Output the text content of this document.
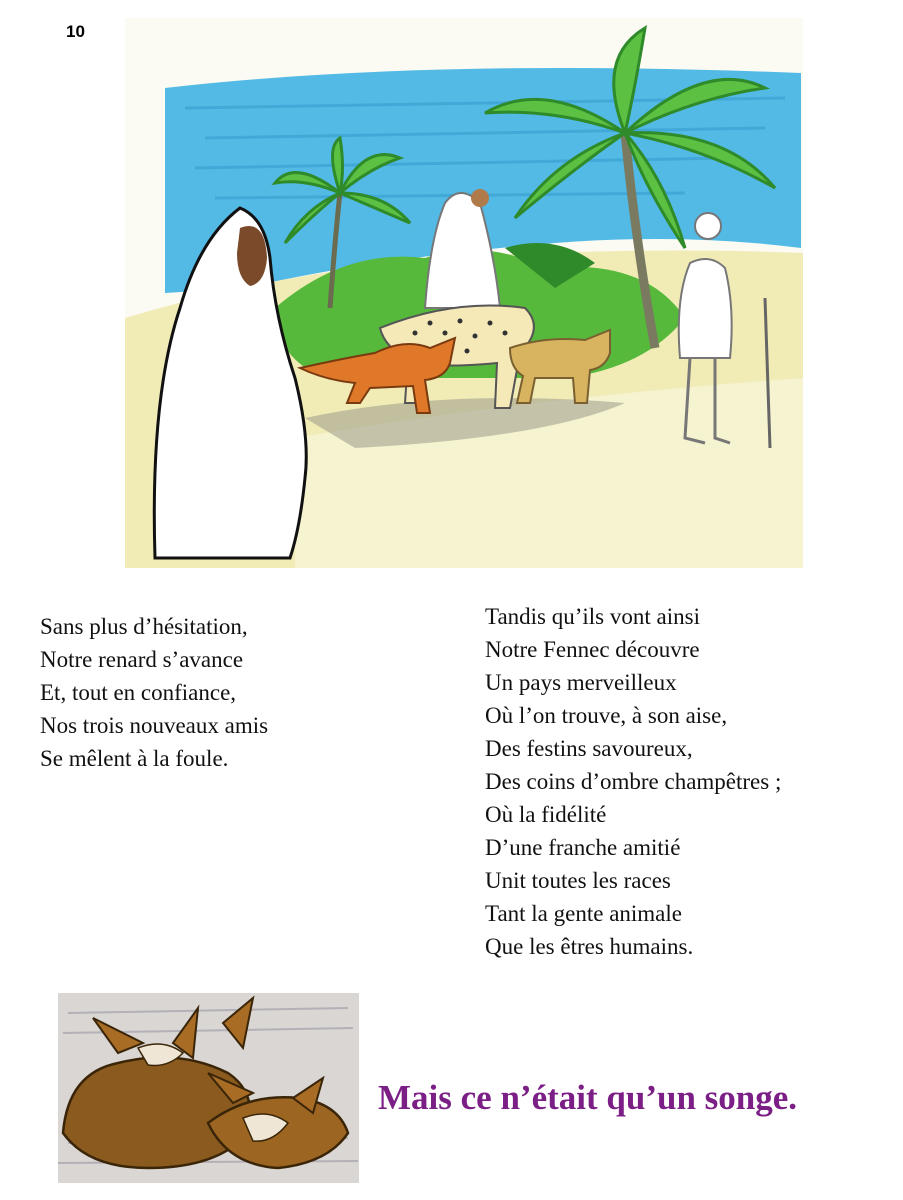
10
Sans plus d’hésitation,
Notre renard s’avance
Et, tout en confiance,
Nos trois nouveaux amis
Se mêlent à la foule.
Tandis qu’ils vont ainsi
Notre Fennec découvre
Un pays merveilleux
Où l’on trouve, à son aise,
Des festins savoureux,
Des coins d’ombre champêtres ;
Où la fidélité
D’une franche amitié
Unit toutes les races
Tant la gente animale
Que les êtres humains.
Mais ce n’était qu’un songe.
